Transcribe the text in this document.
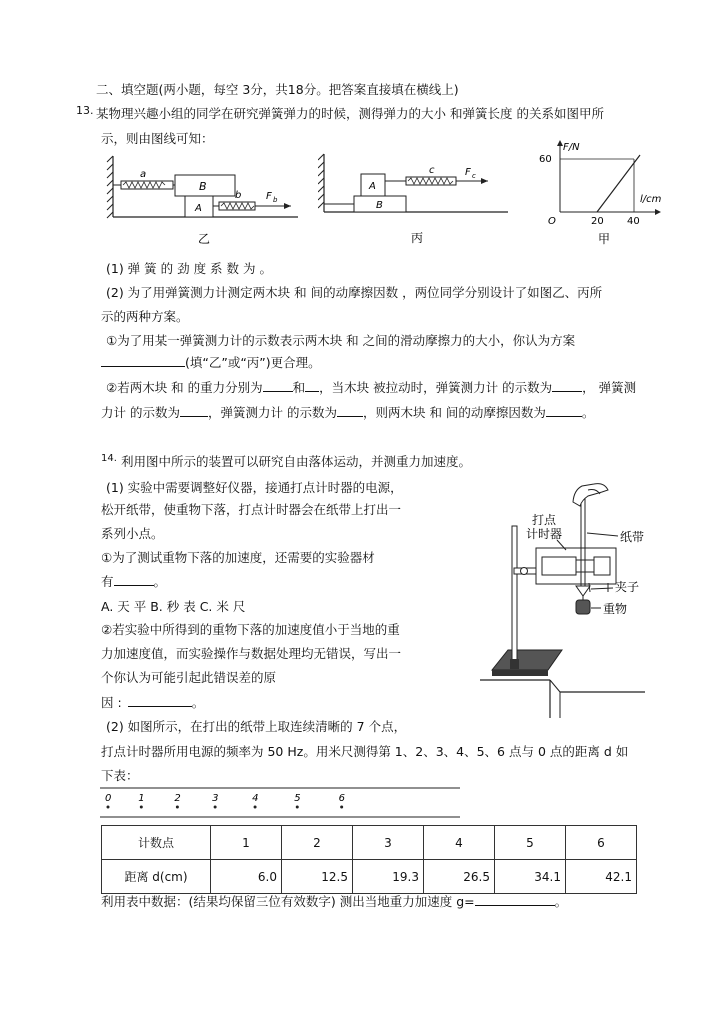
二、填空题(两小题，每空 3分，共18分。把答案直接填在横线上)
13. 某物理兴趣小组的同学在研究弹簧弹力的时候，测得弹力的大小 和弹簧长度 的关系如图甲所
示，则由图线可知：
a
B
A
b F b
乙
B
A
c	F c
丙
F/N
l/cm
60
O	20 40
甲
(1) 弹 簧 的 劲 度 系 数 为 。
(2) 为了用弹簧测力计测定两木块 和 间的动摩擦因数 ，两位同学分别设计了如图乙、丙所
示的两种方案。
①为了用某一弹簧测力计的示数表示两木块 和 之间的滑动摩擦力的大小，你认为方案
(填“乙”或“丙”)更合理。
②若两木块 和 的重力分别为 和 ，当木块 被拉动时，弹簧测力计 的示数为 ， 弹簧测
力计 的示数为 ，弹簧测力计 的示数为 ，则两木块 和 间的动摩擦因数为	。
14. 利用图中所示的装置可以研究自由落体运动，并测重力加速度。
(1) 实验中需要调整好仪器，接通打点计时器的电源，
松开纸带，使重物下落，打点计时器会在纸带上打出一
系列小点。
①为了测试重物下落的加速度，还需要的实验器材
有	。
A. 天 平 B. 秒 表 C. 米 尺
②若实验中所得到的重物下落的加速度值小于当地的重
力加速度值，而实验操作与数据处理均无错误，写出一
个你认为可能引起此错误差的原
因 :	。
打点
计时器	纸带
夹子
重物
(2) 如图所示，在打出的纸带上取连续清晰的 7 个点，
打点计时器所用电源的频率为 50 Hz。用米尺测得第 1、2、3、4、5、6 点与 0 点的距离 d 如
下表：
0	1	2	3	4	5	6
计数点	1	2	3	4	5	6
距离 d(cm)	6.0	12.5	19.3	26.5	34.1	42.1
利用表中数据：(结果均保留三位有效数字) 测出当地重力加速度 g=	。
